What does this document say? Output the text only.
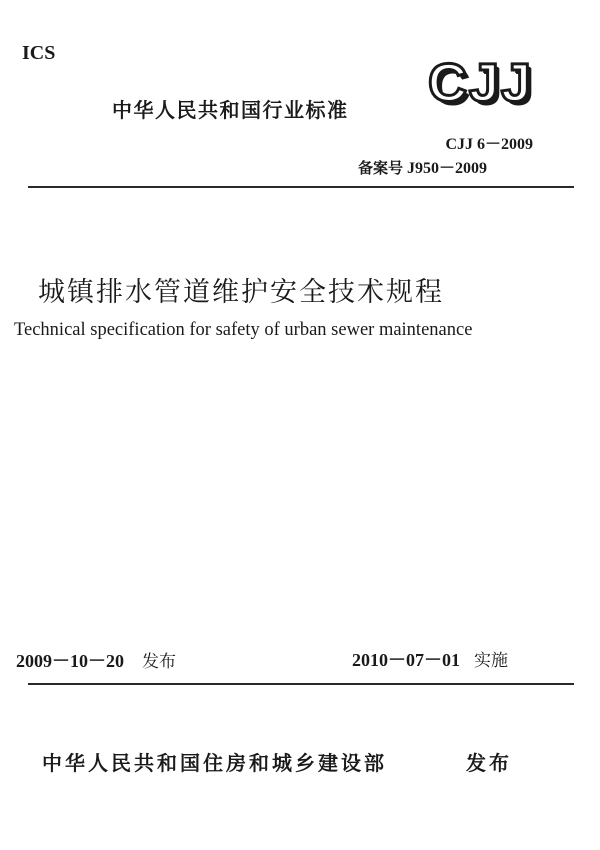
ICS
中华人民共和国行业标准 CJJ
CJJ 6－2009
备案号 J950－2009
城镇排水管道维护安全技术规程
Technical specification for safety of urban sewer maintenance
2009－10－20 发布	2010－07－01 实施
中华人民共和国住房和城乡建设部	发布
